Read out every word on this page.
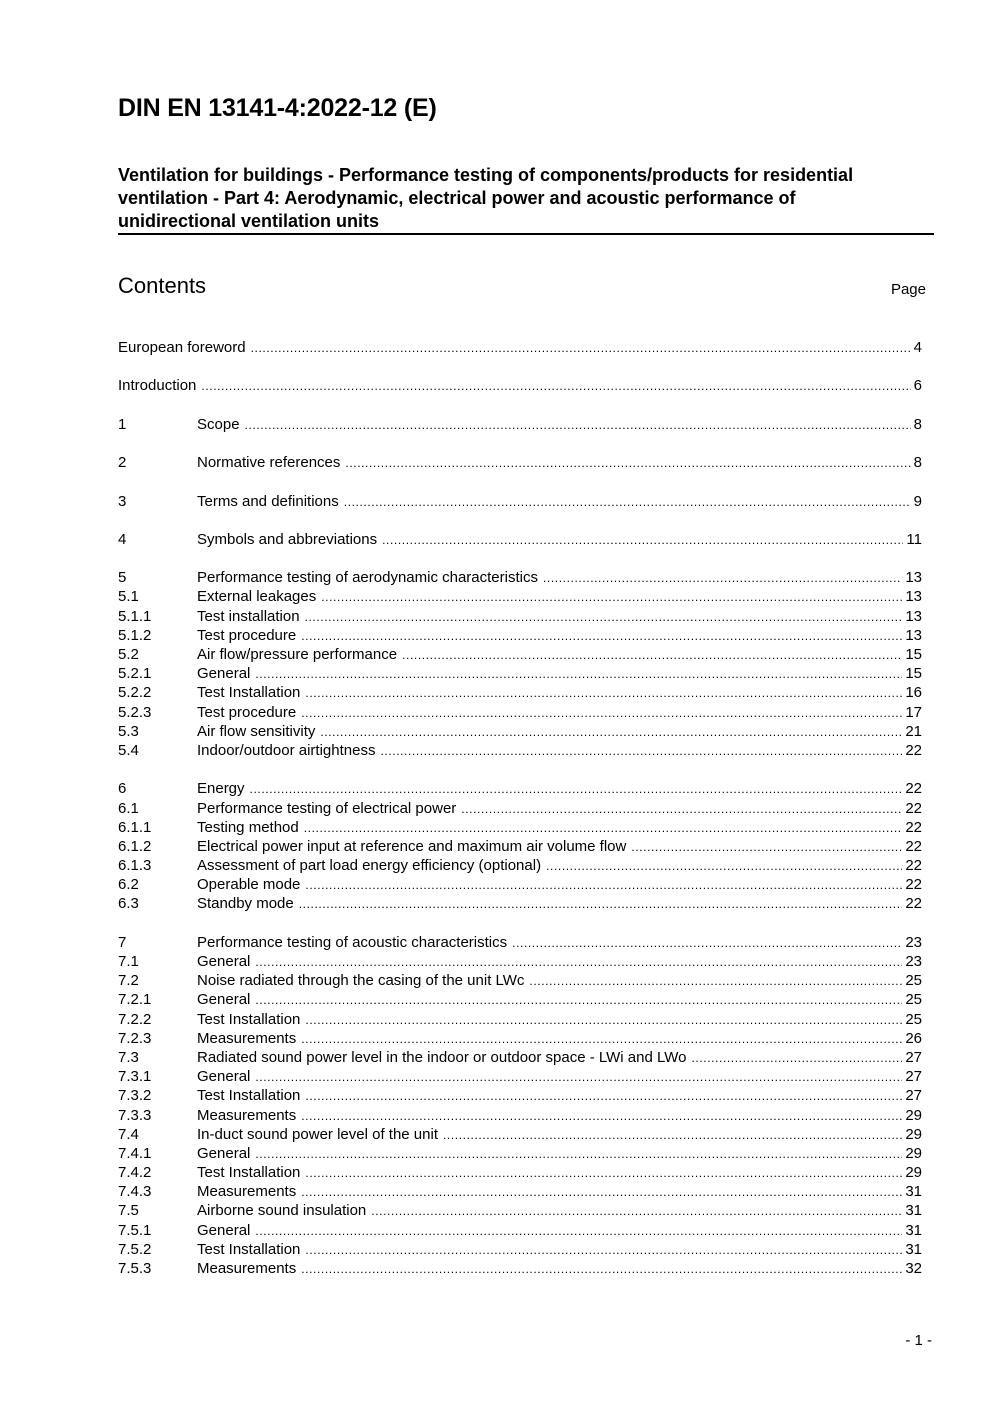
DIN EN 13141-4:2022-12 (E)
Ventilation for buildings - Performance testing of components/products for residential ventilation - Part 4: Aerodynamic, electrical power and acoustic performance of unidirectional ventilation units
Contents	Page
European foreword .....	4
Introduction .....	6
1	Scope .....	8
2	Normative references .....	8
3	Terms and definitions .....	9
4	Symbols and abbreviations .....	11
5	Performance testing of aerodynamic characteristics .....	13
5.1	External leakages .....	13
5.1.1	Test installation .....	13
5.1.2	Test procedure .....	13
5.2	Air flow/pressure performance .....	15
5.2.1	General .....	15
5.2.2	Test Installation .....	16
5.2.3	Test procedure .....	17
5.3	Air flow sensitivity .....	21
5.4	Indoor/outdoor airtightness .....	22
6	Energy .....	22
6.1	Performance testing of electrical power .....	22
6.1.1	Testing method .....	22
6.1.2	Electrical power input at reference and maximum air volume flow .....	22
6.1.3	Assessment of part load energy efficiency (optional) .....	22
6.2	Operable mode .....	22
6.3	Standby mode .....	22
7	Performance testing of acoustic characteristics .....	23
7.1	General .....	23
7.2	Noise radiated through the casing of the unit LWc .....	25
7.2.1	General .....	25
7.2.2	Test Installation .....	25
7.2.3	Measurements .....	26
7.3	Radiated sound power level in the indoor or outdoor space - LWi and LWo .....	27
7.3.1	General .....	27
7.3.2	Test Installation .....	27
7.3.3	Measurements .....	29
7.4	In-duct sound power level of the unit .....	29
7.4.1	General .....	29
7.4.2	Test Installation .....	29
7.4.3	Measurements .....	31
7.5	Airborne sound insulation .....	31
7.5.1	General .....	31
7.5.2	Test Installation .....	31
7.5.3	Measurements .....	32
- 1 -
